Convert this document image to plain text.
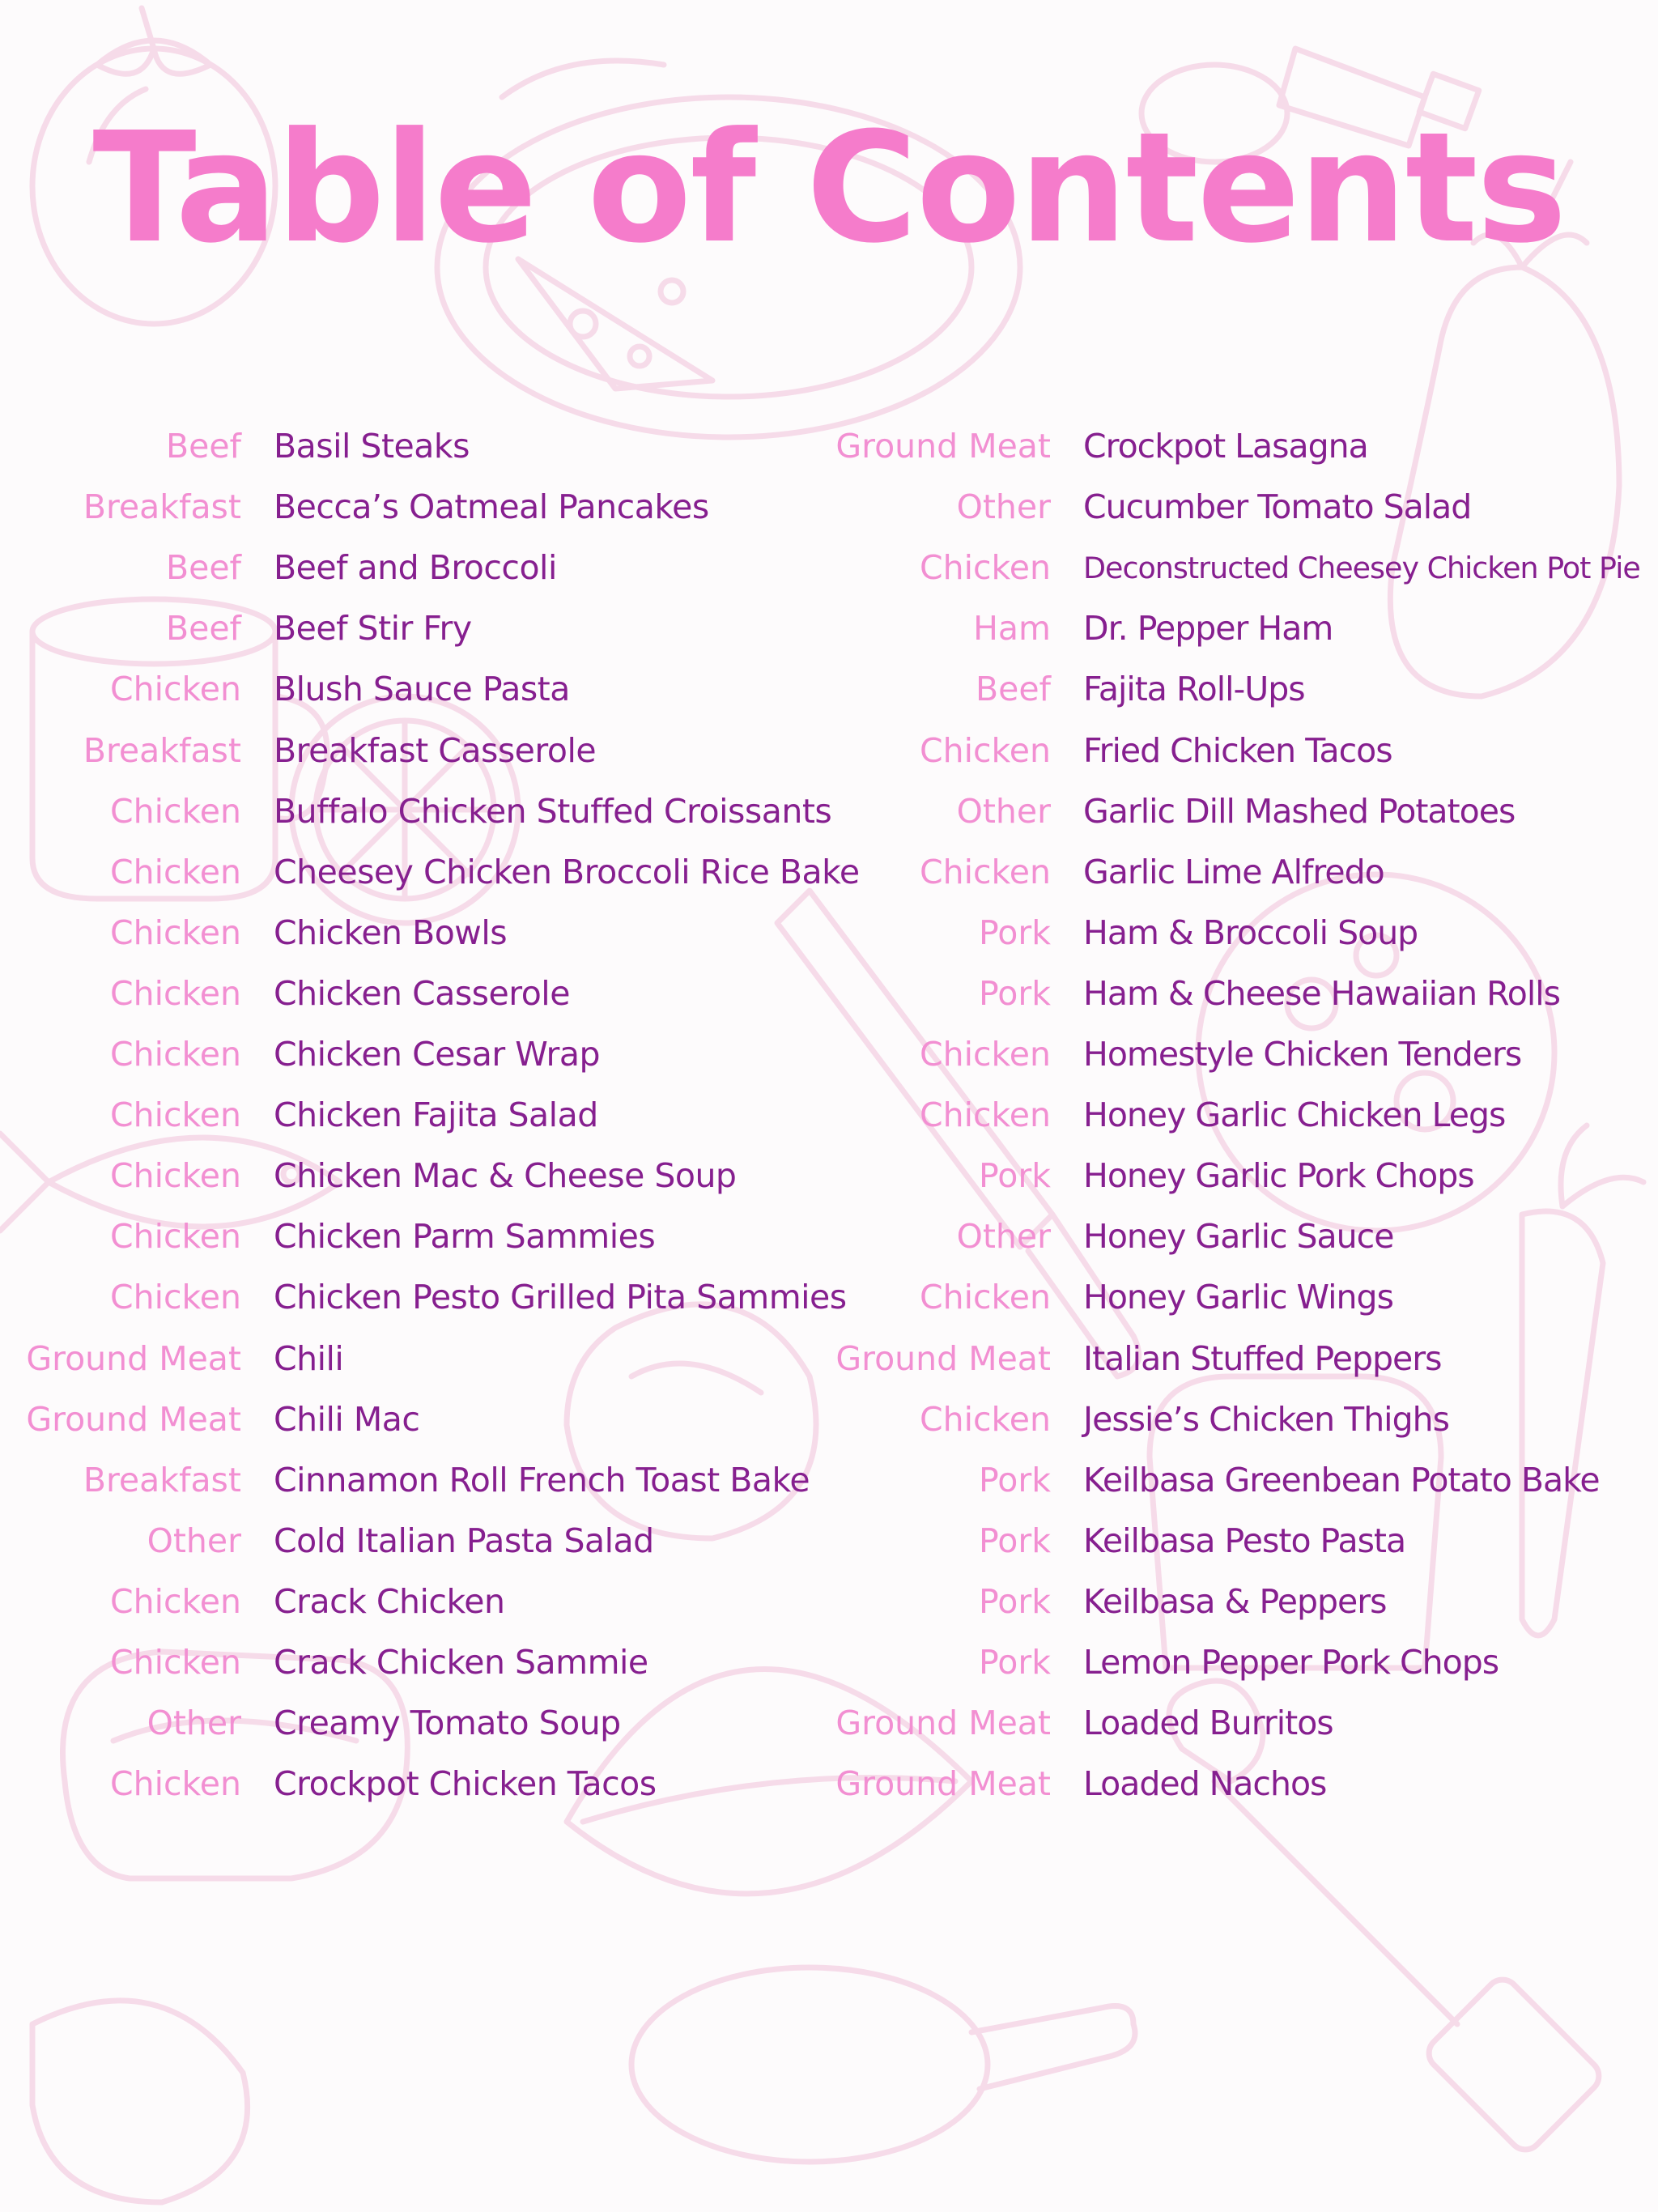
Table of Contents
Beef Basil Steaks
Breakfast Becca’s Oatmeal Pancakes
Beef Beef and Broccoli
Beef Beef Stir Fry
Chicken Blush Sauce Pasta
Breakfast Breakfast Casserole
Chicken Buffalo Chicken Stuffed Croissants
Chicken Cheesey Chicken Broccoli Rice Bake
Chicken Chicken Bowls
Chicken Chicken Casserole
Chicken Chicken Cesar Wrap
Chicken Chicken Fajita Salad
Chicken Chicken Mac & Cheese Soup
Chicken Chicken Parm Sammies
Chicken Chicken Pesto Grilled Pita Sammies
Ground Meat Chili
Ground Meat Chili Mac
Breakfast Cinnamon Roll French Toast Bake
Other Cold Italian Pasta Salad
Chicken Crack Chicken
Chicken Crack Chicken Sammie
Other Creamy Tomato Soup
Chicken Crockpot Chicken Tacos
Ground Meat Crockpot Lasagna
Other Cucumber Tomato Salad
Chicken Deconstructed Cheesey Chicken Pot Pie
Ham Dr. Pepper Ham
Beef Fajita Roll-Ups
Chicken Fried Chicken Tacos
Other Garlic Dill Mashed Potatoes
Chicken Garlic Lime Alfredo
Pork Ham & Broccoli Soup
Pork Ham & Cheese Hawaiian Rolls
Chicken Homestyle Chicken Tenders
Chicken Honey Garlic Chicken Legs
Pork Honey Garlic Pork Chops
Other Honey Garlic Sauce
Chicken Honey Garlic Wings
Ground Meat Italian Stuffed Peppers
Chicken Jessie’s Chicken Thighs
Pork Keilbasa Greenbean Potato Bake
Pork Keilbasa Pesto Pasta
Pork Keilbasa & Peppers
Pork Lemon Pepper Pork Chops
Ground Meat Loaded Burritos
Ground Meat Loaded Nachos
